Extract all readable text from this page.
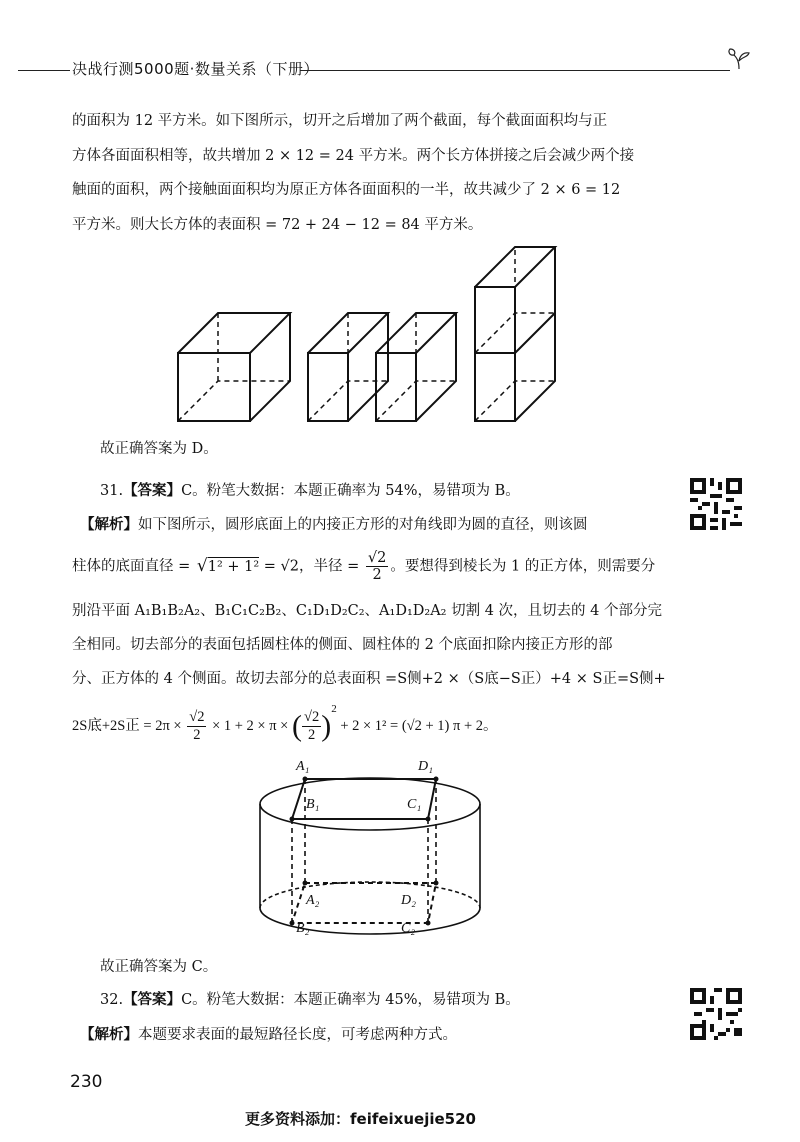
决战行测5000题·数量关系（下册）

的面积为 12 平方米。如下图所示，切开之后增加了两个截面，每个截面面积均与正

方体各面面积相等，故共增加 2 × 12 = 24 平方米。两个长方体拼接之后会减少两个接

触面的面积，两个接触面面积均为原正方体各面面积的一半，故共减少了 2 × 6 = 12

平方米。则大长方体的表面积 = 72 + 24 − 12 = 84 平方米。

故正确答案为 D。
31.【答案】C。粉笔大数据：本题正确率为 54%，易错项为 B。
【解析】如下图所示，圆形底面上的内接正方形的对角线即为圆的直径，则该圆
柱体的底面直径 = √1² + 1² = √2，半径 = $\frac{√2}{2}$ 。要想得到棱长为 1 的正方体，则需要分
别沿平面 A₁B₁B₂A₂、B₁C₁C₂B₂、C₁D₁D₂C₂、A₁D₁D₂A₂ 切割 4 次，且切去的 4 个部分完
全相同。切去部分的表面包括圆柱体的侧面、圆柱体的 2 个底面扣除内接正方形的部
分、正方体的 4 个侧面。故切去部分的总表面积 =S侧+2 ×（S底−S正）+4 × S正=S侧+
2S底+2S正 = $2\pi \times \frac{√2}{2} \times 1 + 2 \times \pi$ × ( $\frac{√2}{2} )^2 + 2 \times 1^2 = (√2 + 1)$ π + 2。
A₁	D₁
B₁	C₁
A₂	D₂
B₂	C₂
故正确答案为 C。
32.【答案】C。粉笔大数据：本题正确率为 45%，易错项为 B。
【解析】本题要求表面的最短路径长度，可考虑两种方式。
230
更多资料添加：feifeixuejie520
